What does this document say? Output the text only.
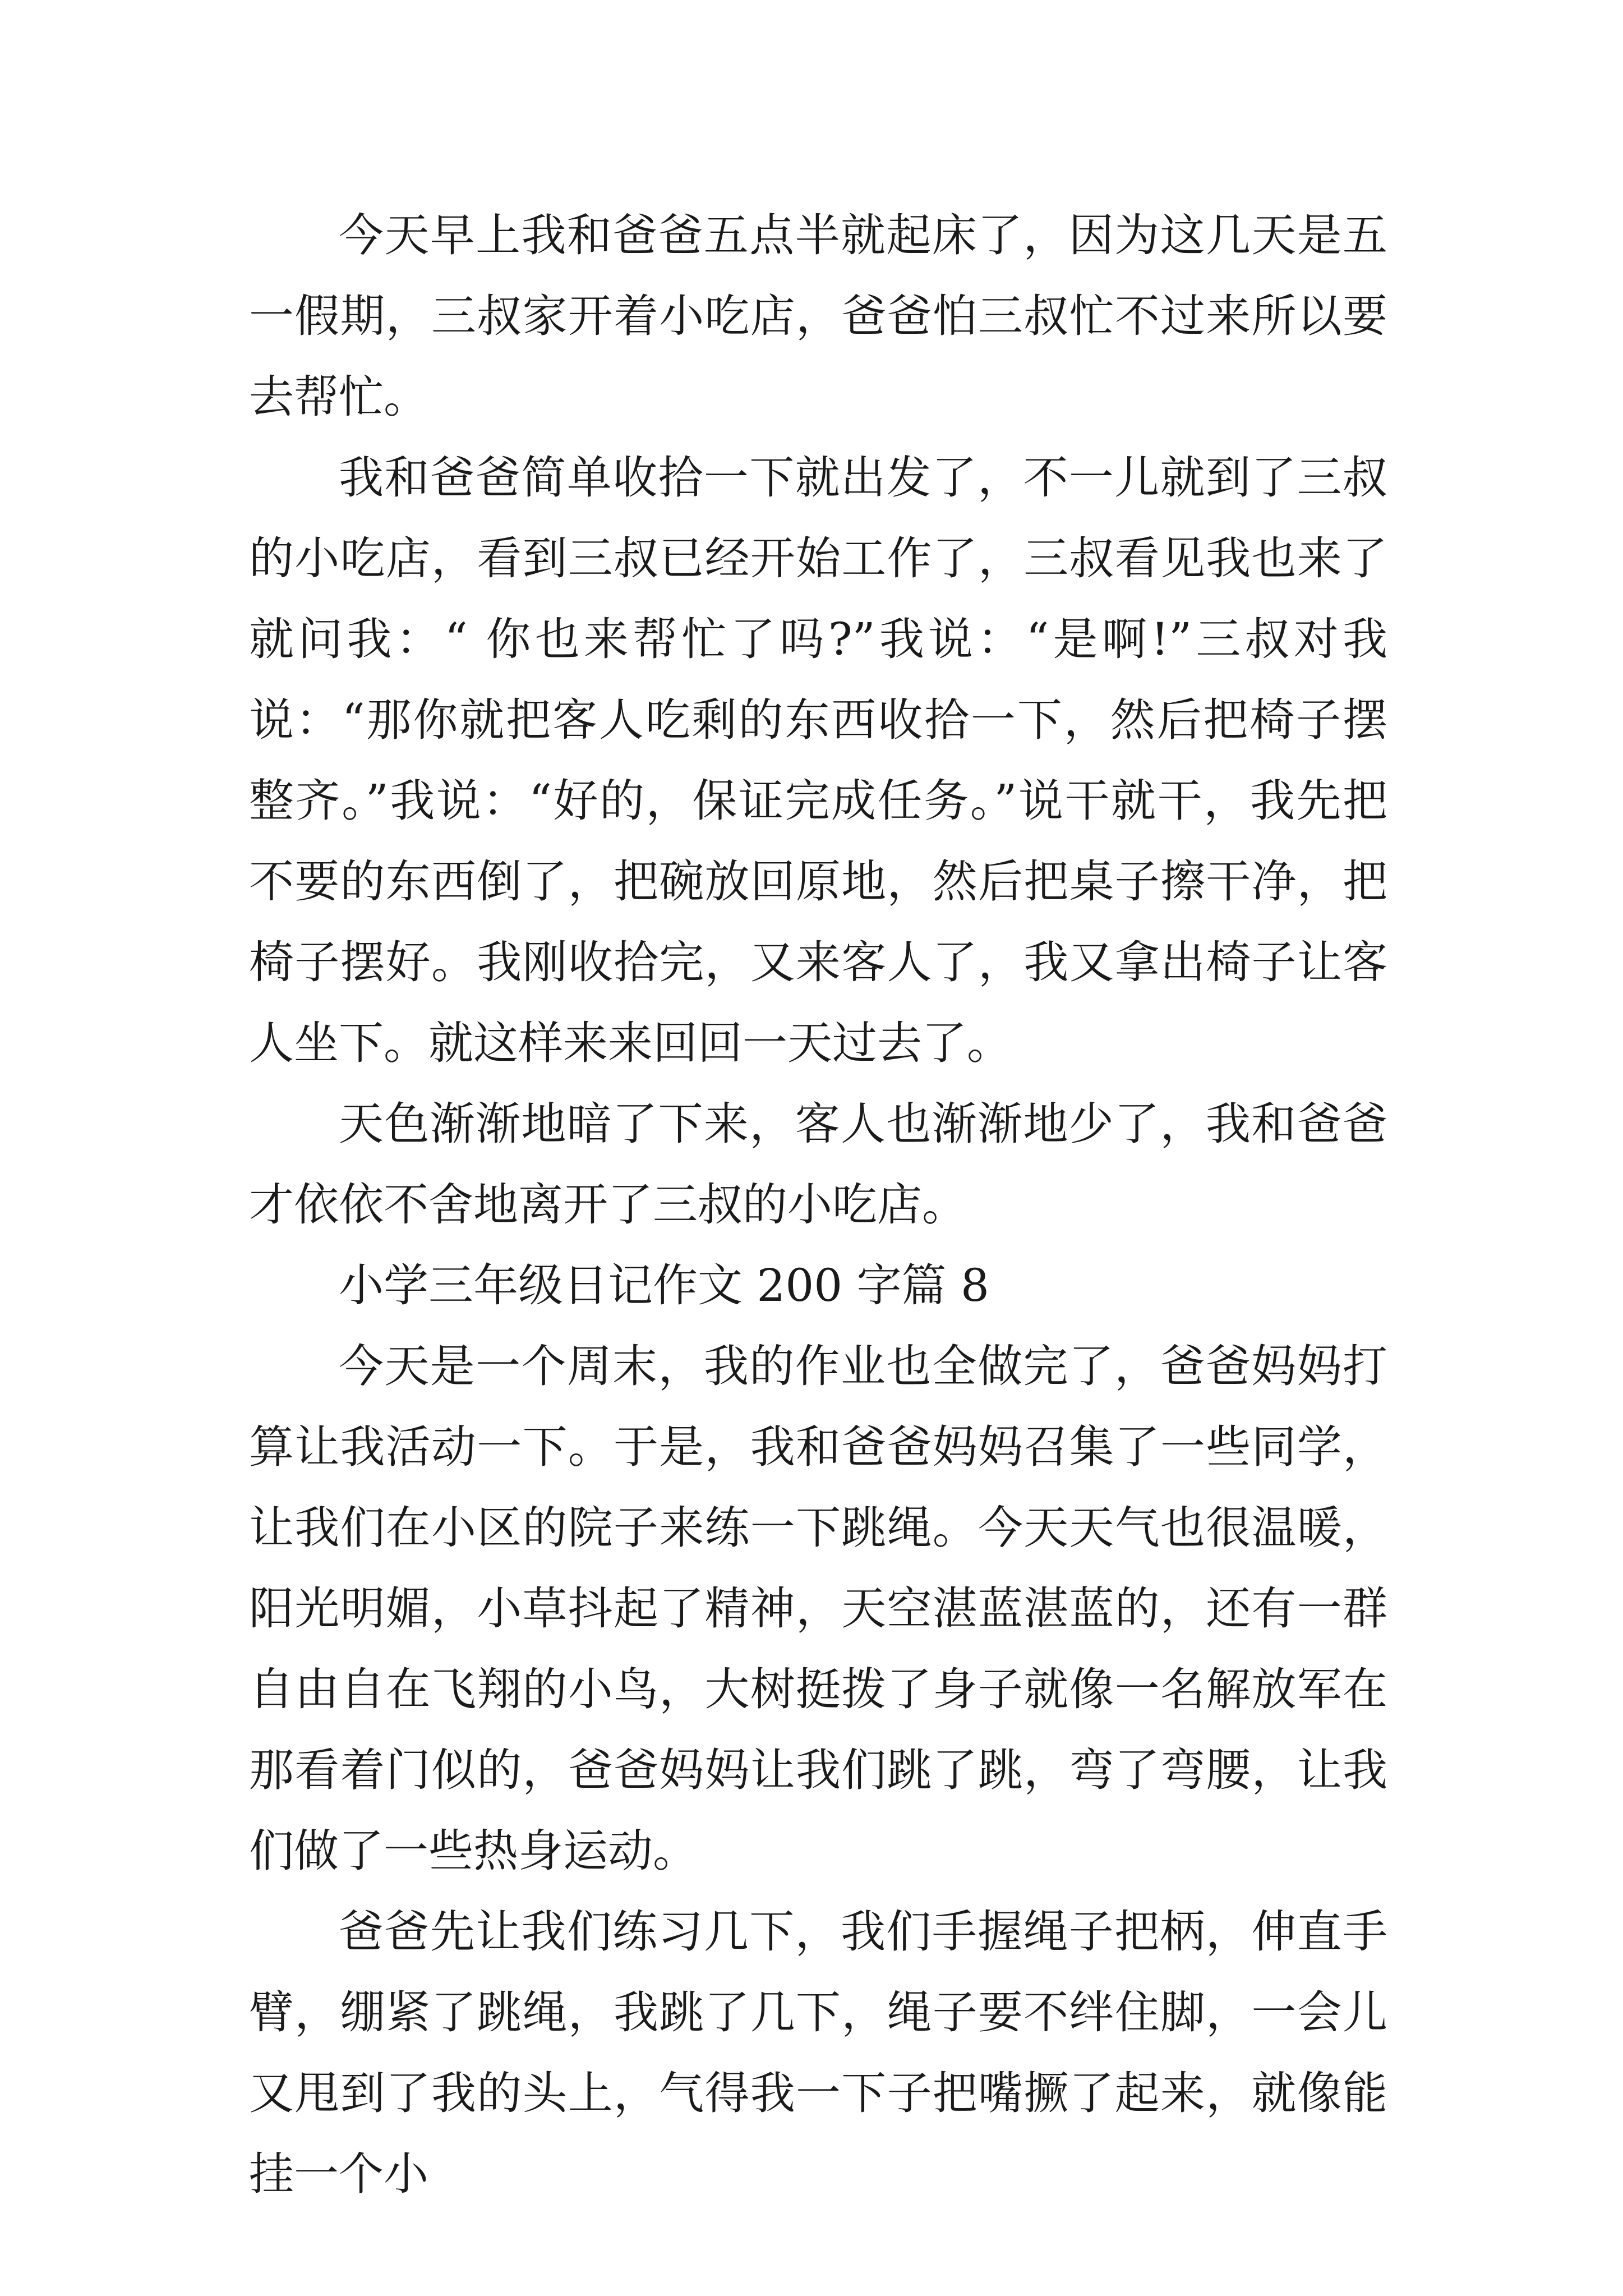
今天早上我和爸爸五点半就起床了，因为这几天是五一假期，三叔家开着小吃店，爸爸怕三叔忙不过来所以要去帮忙。

我和爸爸简单收拾一下就出发了，不一儿就到了三叔的小吃店，看到三叔已经开始工作了，三叔看见我也来了就问我：“ 你也来帮忙了吗?”我说：“是啊!”三叔对我说：“那你就把客人吃剩的东西收拾一下，然后把椅子摆整齐。”我说：“好的，保证完成任务。”说干就干，我先把不要的东西倒了，把碗放回原地，然后把桌子擦干净，把椅子摆好。我刚收拾完，又来客人了，我又拿出椅子让客人坐下。就这样来来回回一天过去了。

天色渐渐地暗了下来，客人也渐渐地少了，我和爸爸才依依不舍地离开了三叔的小吃店。

小学三年级日记作文 200 字篇 8

今天是一个周末，我的作业也全做完了，爸爸妈妈打算让我活动一下。于是，我和爸爸妈妈召集了一些同学，让我们在小区的院子来练一下跳绳。今天天气也很温暖，阳光明媚，小草抖起了精神，天空湛蓝湛蓝的，还有一群自由自在飞翔的小鸟，大树挺拨了身子就像一名解放军在那看着门似的，爸爸妈妈让我们跳了跳，弯了弯腰，让我们做了一些热身运动。

爸爸先让我们练习几下，我们手握绳子把柄，伸直手臂，绷紧了跳绳，我跳了几下，绳子要不绊住脚，一会儿又甩到了我的头上，气得我一下子把嘴撅了起来，就像能挂一个小
